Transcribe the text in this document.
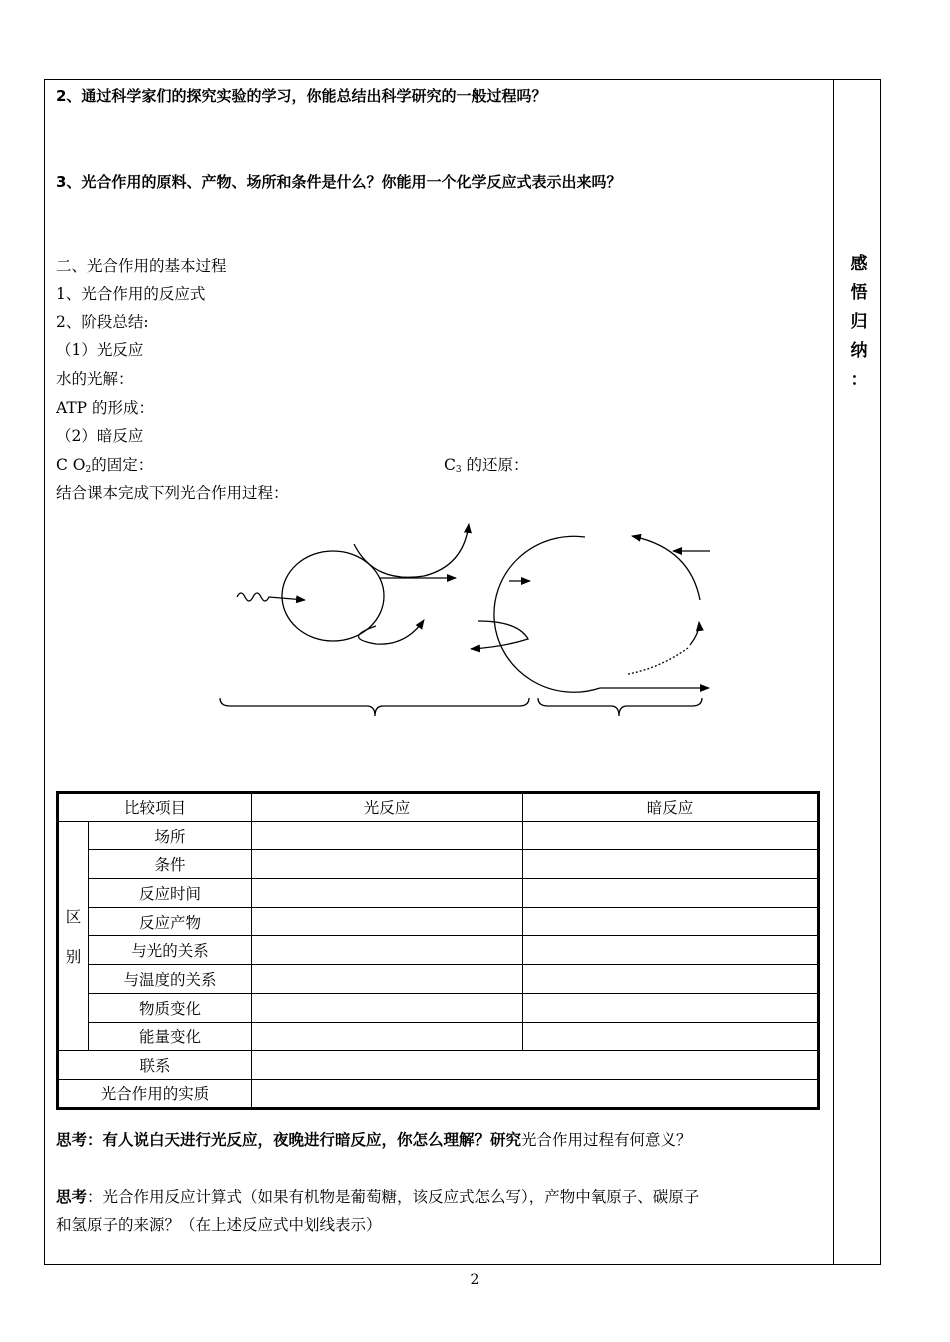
感
悟
归
纳
：
2、通过科学家们的探究实验的学习，你能总结出科学研究的一般过程吗？
3、光合作用的原料、产物、场所和条件是什么？你能用一个化学反应式表示出来吗？
二、光合作用的基本过程
1、光合作用的反应式
2、阶段总结:
（1）光反应
水的光解：
ATP 的形成：
（2）暗反应
C $O_2$的固定：	$C_3$ 的还原：
结合课本完成下列光合作用过程：
比较项目		光反应	暗反应
区

别	场所		
	条件		
	反应时间		
	反应产物		
	与光的关系		
	与温度的关系		
	物质变化		
	能量变化		
联系			
光合作用的实质			
思考：有人说白天进行光反应，夜晚进行暗反应，你怎么理解？研究光合作用过程有何意义？
思考：光合作用反应计算式（如果有机物是葡萄糖，该反应式怎么写），产物中氧原子、碳原子
和氢原子的来源？（在上述反应式中划线表示）
2
